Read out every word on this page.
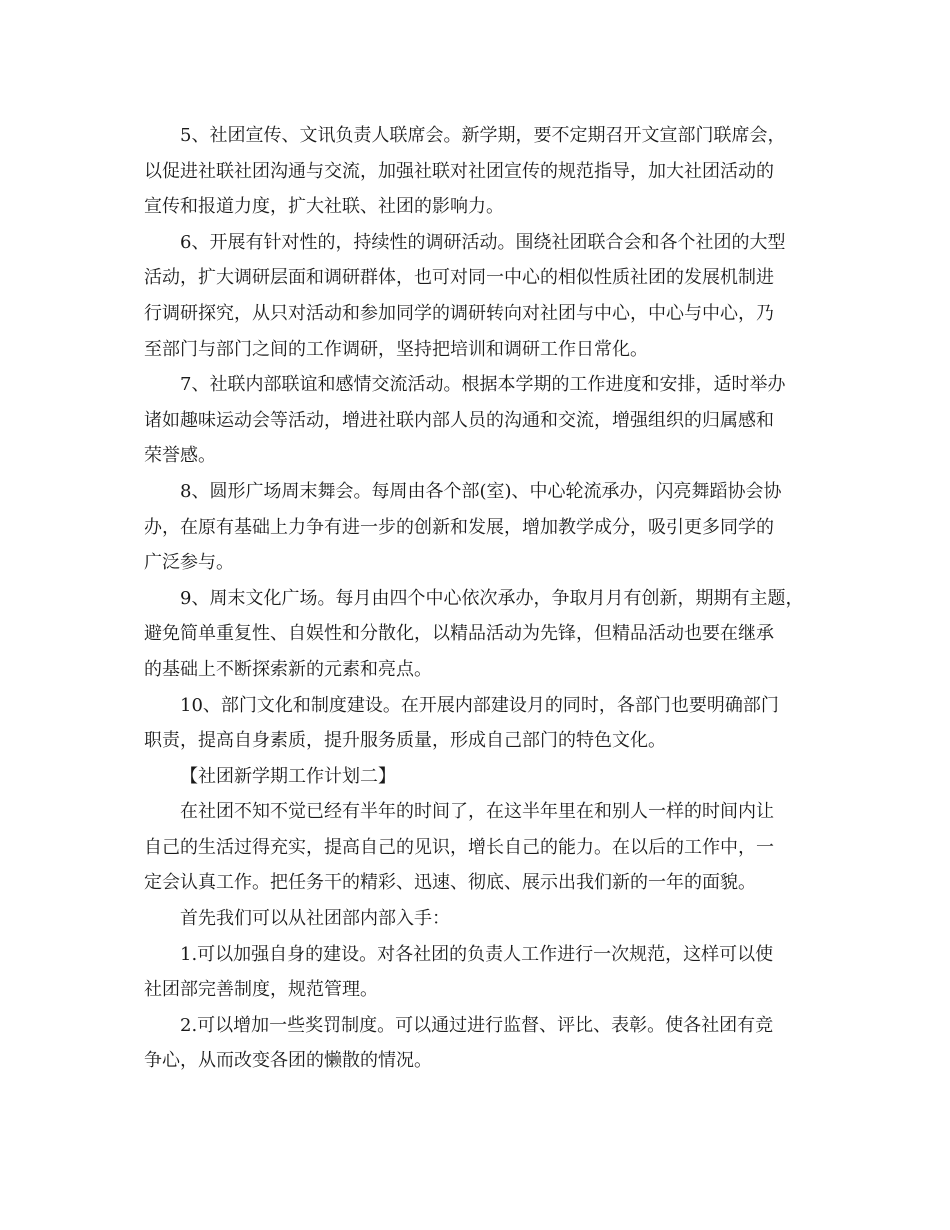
5、社团宣传、文讯负责人联席会。新学期，要不定期召开文宣部门联席会，
以促进社联社团沟通与交流，加强社联对社团宣传的规范指导，加大社团活动的
宣传和报道力度，扩大社联、社团的影响力。
6、开展有针对性的，持续性的调研活动。围绕社团联合会和各个社团的大型
活动，扩大调研层面和调研群体，也可对同一中心的相似性质社团的发展机制进
行调研探究，从只对活动和参加同学的调研转向对社团与中心，中心与中心，乃
至部门与部门之间的工作调研，坚持把培训和调研工作日常化。
7、社联内部联谊和感情交流活动。根据本学期的工作进度和安排，适时举办
诸如趣味运动会等活动，增进社联内部人员的沟通和交流，增强组织的归属感和
荣誉感。
8、圆形广场周末舞会。每周由各个部(室)、中心轮流承办，闪亮舞蹈协会协
办，在原有基础上力争有进一步的创新和发展，增加教学成分，吸引更多同学的
广泛参与。
9、周末文化广场。每月由四个中心依次承办，争取月月有创新，期期有主题，
避免简单重复性、自娱性和分散化，以精品活动为先锋，但精品活动也要在继承
的基础上不断探索新的元素和亮点。
10、部门文化和制度建设。在开展内部建设月的同时，各部门也要明确部门
职责，提高自身素质，提升服务质量，形成自己部门的特色文化。
【社团新学期工作计划二】
在社团不知不觉已经有半年的时间了，在这半年里在和别人一样的时间内让
自己的生活过得充实，提高自己的见识，增长自己的能力。在以后的工作中，一
定会认真工作。把任务干的精彩、迅速、彻底、展示出我们新的一年的面貌。
首先我们可以从社团部内部入手：
1.可以加强自身的建设。对各社团的负责人工作进行一次规范，这样可以使
社团部完善制度，规范管理。
2.可以增加一些奖罚制度。可以通过进行监督、评比、表彰。使各社团有竞
争心，从而改变各团的懒散的情况。
